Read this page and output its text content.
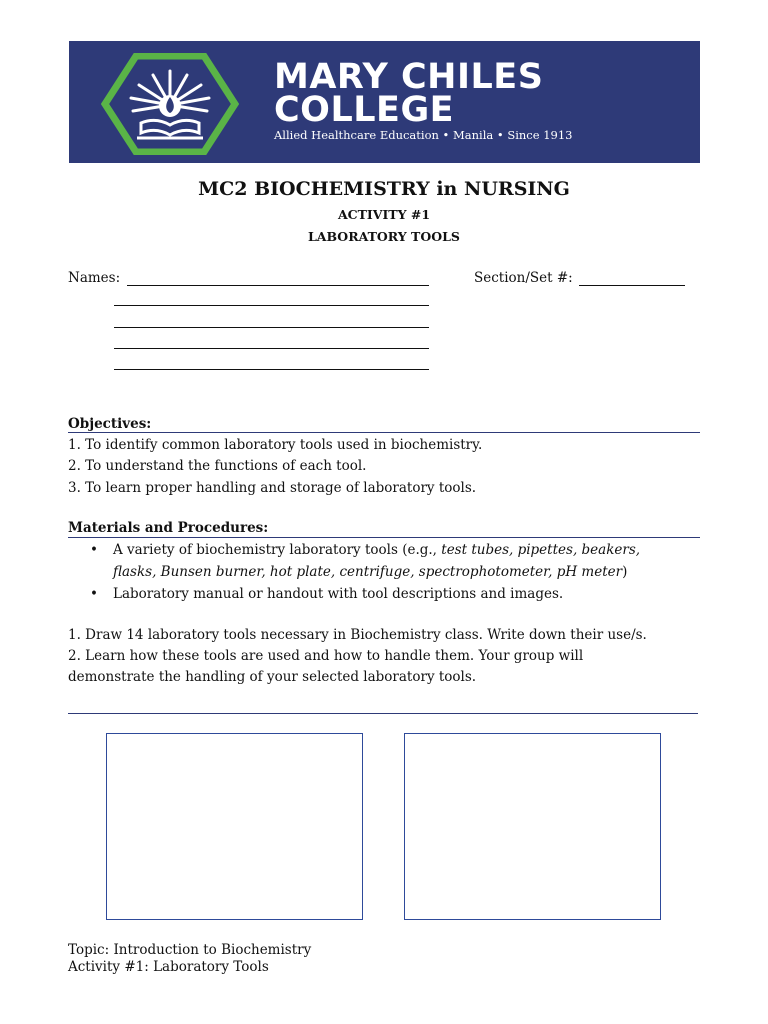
MARY CHILES
COLLEGE
Allied Healthcare Education • Manila • Since 1913
MC2 BIOCHEMISTRY in NURSING
ACTIVITY #1
LABORATORY TOOLS
Names:	Section/Set #:
Objectives:
1. To identify common laboratory tools used in biochemistry.
2. To understand the functions of each tool.
3. To learn proper handling and storage of laboratory tools.
Materials and Procedures:
• A variety of biochemistry laboratory tools (e.g., test tubes, pipettes, beakers,
flasks, Bunsen burner, hot plate, centrifuge, spectrophotometer, pH meter)
• Laboratory manual or handout with tool descriptions and images.
1. Draw 14 laboratory tools necessary in Biochemistry class. Write down their use/s.
2. Learn how these tools are used and how to handle them. Your group will
demonstrate the handling of your selected laboratory tools.
Topic: Introduction to Biochemistry
Activity #1: Laboratory Tools
